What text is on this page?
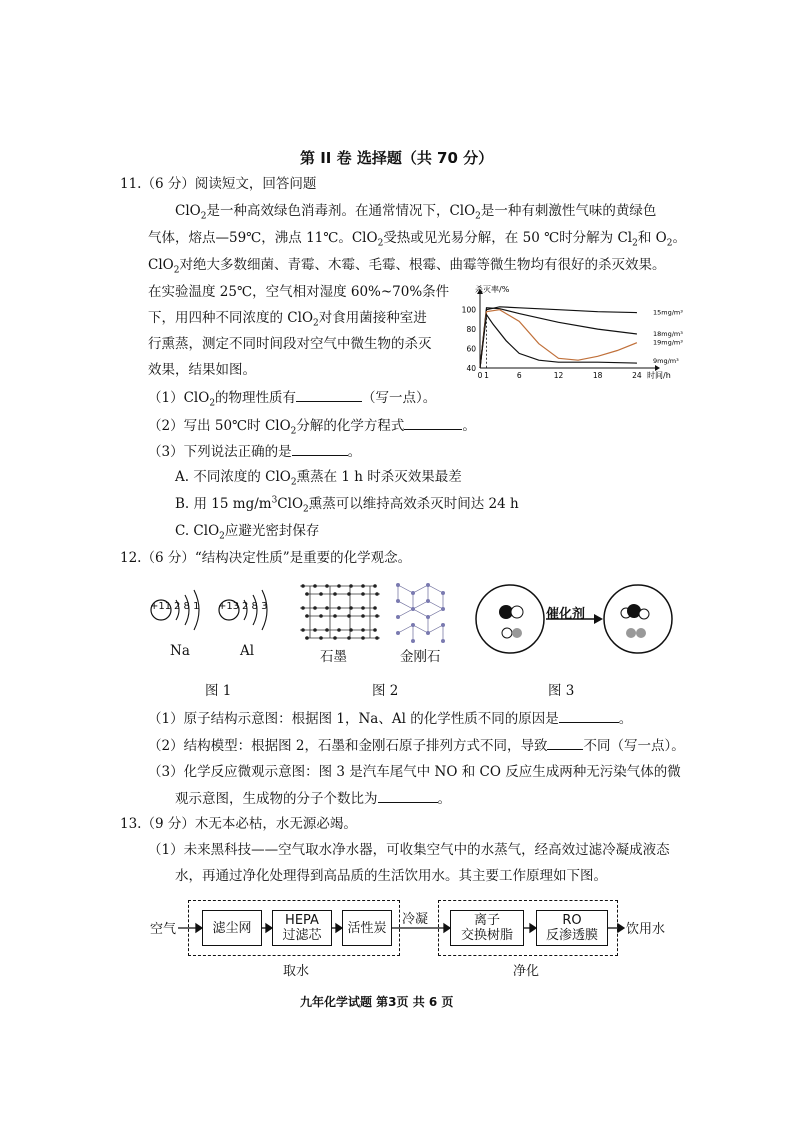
第 II 卷 选择题（共 70 分）
11.（6 分）阅读短文，回答问题
ClO$_2$是一种高效绿色消毒剂。在通常情况下，ClO$_2$是一种有刺激性气味的黄绿色
气体，熔点—59℃，沸点 11℃。ClO$_2$受热或见光易分解，在 50 ℃时分解为 $Cl_2$和 $O_2$。
ClO$_2$对绝大多数细菌、青霉、木霉、毛霉、根霉、曲霉等微生物均有很好的杀灭效果。
在实验温度 25℃，空气相对湿度 60%~70%条件
下，用四种不同浓度的 ClO$_2$对食用菌接种室进
行熏蒸，测定不同时间段对空气中微生物的杀灭
效果，结果如图。
杀灭率/%
时间/h
40
60
80
100
0 1	6	12	18	24
15mg/m³
18mg/m³
19mg/m³
9mg/m³
（1）ClO$_2$的物理性质有	（写一点）。
（2）写出 50℃时 ClO$_2$分解的化学方程式	。
（3）下列说法正确的是	。
A. 不同浓度的 ClO$_2$熏蒸在 1 h 时杀灭效果最差
B. 用 15 $mg/m^3ClO_2$熏蒸可以维持高效杀灭时间达 24 h
C. ClO$_2$应避光密封保存
12.（6 分）“结构决定性质”是重要的化学观念。
+11 2 8 1 +13 2 8 3
Na	Al	石墨	金刚石
催化剂
图 1	图 2	图 3
（1）原子结构示意图：根据图 1，Na、Al 的化学性质不同的原因是	。
（2）结构模型：根据图 2，石墨和金刚石原子排列方式不同，导致	不同（写一点）。
（3）化学反应微观示意图：图 3 是汽车尾气中 NO 和 CO 反应生成两种无污染气体的微
观示意图，生成物的分子个数比为	。
13.（9 分）木无本必枯，水无源必竭。
（1）未来黑科技——空气取水净水器，可收集空气中的水蒸气，经高效过滤冷凝成液态
水，再通过净化处理得到高品质的生活饮用水。其主要工作原理如下图。
空气	滤尘网	HEPA
过滤芯 活性炭
冷凝	离子
交换树脂
RO
反渗透膜 饮用水
取水	净化
九年化学试题 第3页 共 6 页
